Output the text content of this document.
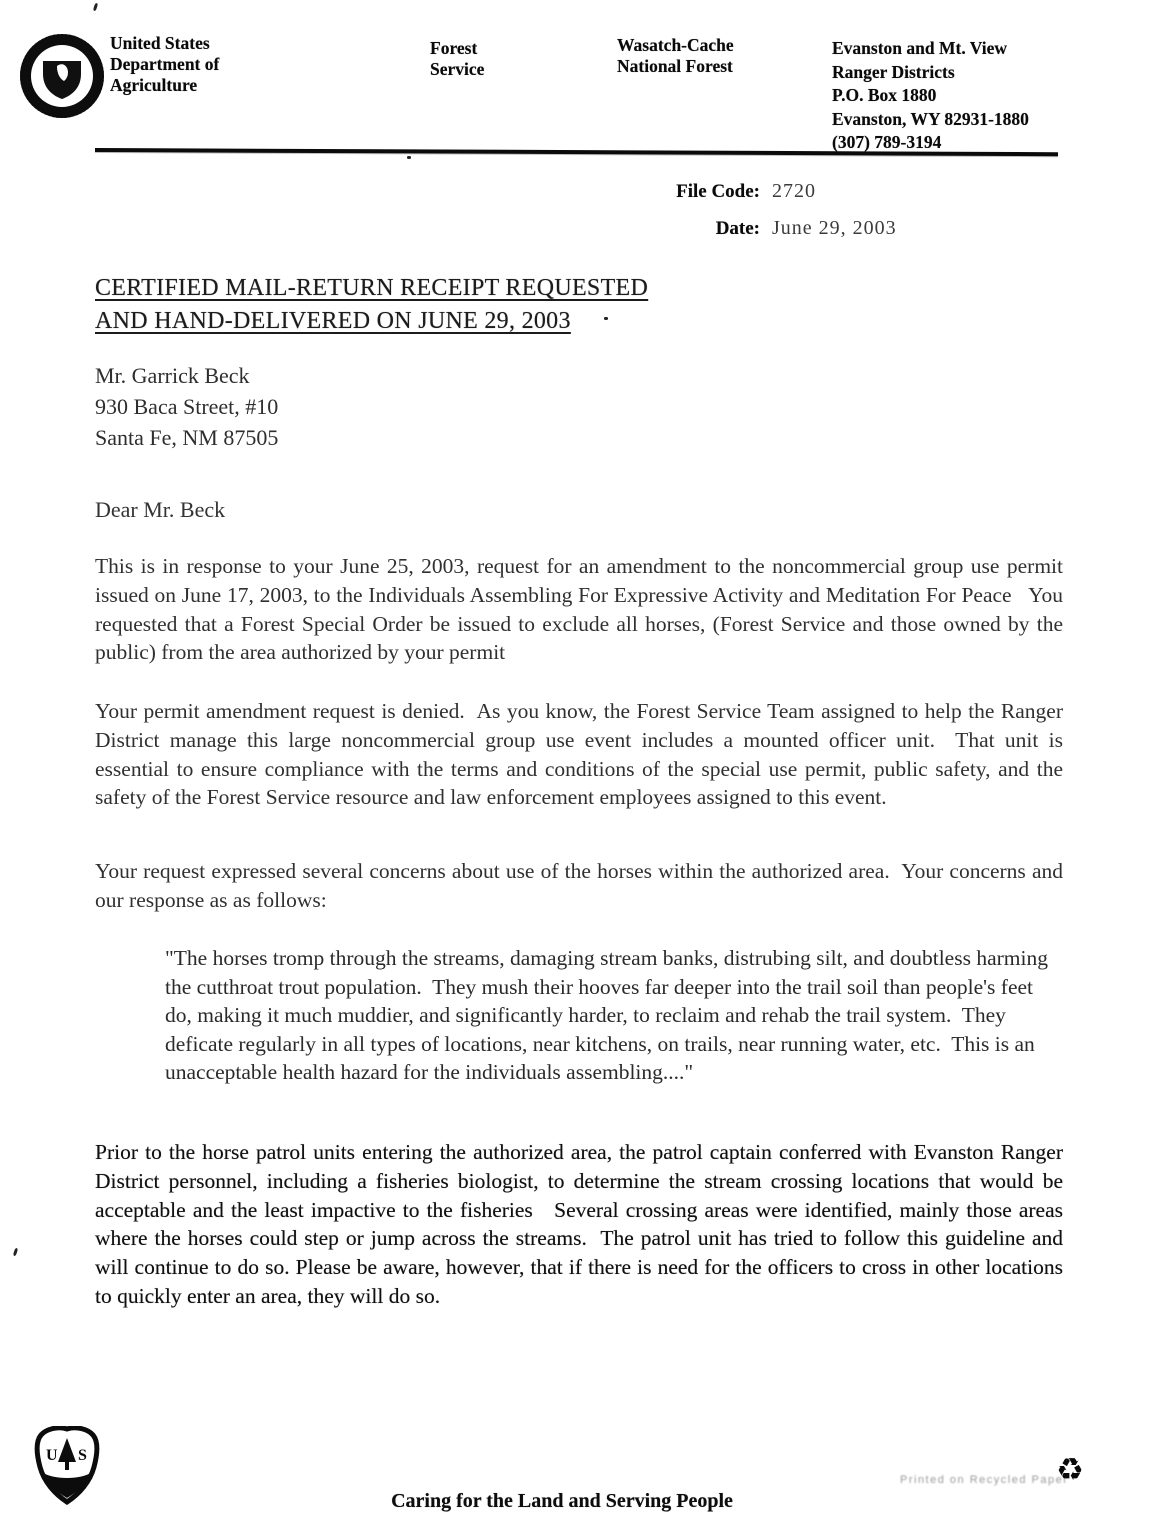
United States
Department of
Agriculture
Forest
Service
Wasatch-Cache
National Forest
Evanston and Mt. View
Ranger Districts
P.O. Box 1880
Evanston, WY 82931-1880
(307) 789-3194
File Code: 2720
Date: June 29, 2003
CERTIFIED MAIL-RETURN RECEIPT REQUESTED
AND HAND-DELIVERED ON JUNE 29, 2003
Mr. Garrick Beck
930 Baca Street, #10
Santa Fe, NM 87505
Dear Mr. Beck
This is in response to your June 25, 2003, request for an amendment to the noncommercial group use permit issued on June 17, 2003, to the Individuals Assembling For Expressive Activity and Meditation For Peace   You requested that a Forest Special Order be issued to exclude all horses, (Forest Service and those owned by the public) from the area authorized by your permit
Your permit amendment request is denied.  As you know, the Forest Service Team assigned to help the Ranger District manage this large noncommercial group use event includes a mounted officer unit.  That unit is essential to ensure compliance with the terms and conditions of the special use permit, public safety, and the safety of the Forest Service resource and law enforcement employees assigned to this event.
Your request expressed several concerns about use of the horses within the authorized area.  Your concerns and our response as as follows:
"The horses tromp through the streams, damaging stream banks, distrubing silt, and doubtless harming the cutthroat trout population.  They mush their hooves far deeper into the trail soil than people's feet do, making it much muddier, and significantly harder, to reclaim and rehab the trail system.  They deficate regularly in all types of locations, near kitchens, on trails, near running water, etc.  This is an unacceptable health hazard for the individuals assembling...."
Prior to the horse patrol units entering the authorized area, the patrol captain conferred with Evanston Ranger District personnel, including a fisheries biologist, to determine the stream crossing locations that would be acceptable and the least impactive to the fisheries   Several crossing areas were identified, mainly those areas where the horses could step or jump across the streams.  The patrol unit has tried to follow this guideline and will continue to do so. Please be aware, however, that if there is need for the officers to cross in other locations to quickly enter an area, they will do so.
U S
Caring for the Land and Serving People
Printed on Recycled Paper
♻
